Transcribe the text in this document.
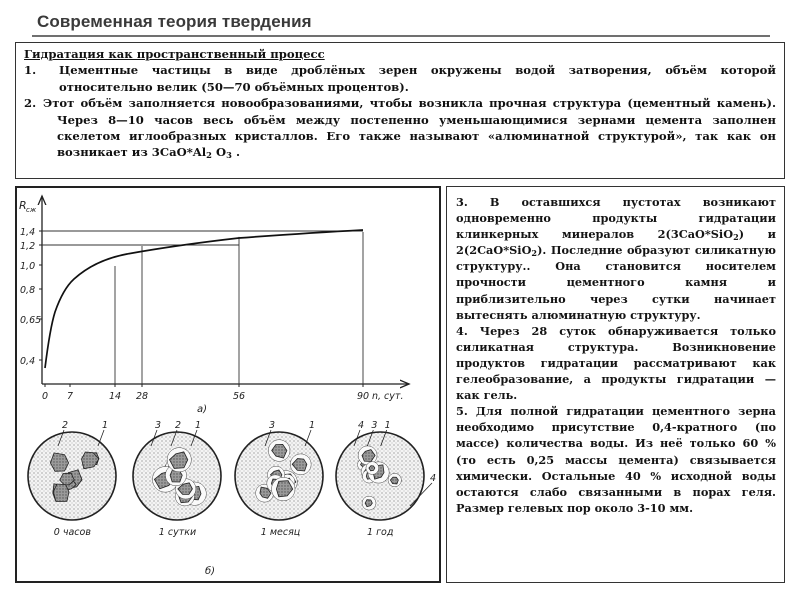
Современная теория твердения
Гидратация как пространственный процесс
1.	Цементные частицы в виде дроблёных зерен окружены водой затворения, объём которой относительно велик (50—70 объёмных процентов).
2. Этот объём заполняется новообразованиями, чтобы возникла прочная структура (цементный камень). Через 8—10 часов весь объём между постепенно уменьшающимися зернами цемента заполнен скелетом иглообразных кристаллов. Его также называют «алюминатной структурой», так как он возникает из $3CaO*Al_2$ $O_3$ .
R сж
0,4
0,65
0,8
1,0
1,2
1,4
0 7	14 28	56	90 n, сут.
а)
0 часов
2	1
1 сутки
3 2 1
1 месяц
3	1
1 год
4 3 1
4
б)

3. В оставшихся пустотах возникают одновременно продукты гидратации клинкерных минералов 2(3CaO*SiO$_2$) и 2(2CaO*SiO$_2$). Последние образуют силикатную структуру.. Она становится носителем прочности цементного камня и приблизительно через сутки начинает вытеснять алюминатную структуру.

4. Через 28 суток обнаруживается только силикатная структура. Возникновение продуктов гидратации рассматривают как гелеобразование, а продукты гидратации — как гель.

5. Для полной гидратации цементного зерна необходимо присутствие 0,4-кратного (по массе) количества воды. Из неё только 60 % (то есть 0,25 массы цемента) связывается химически. Остальные 40 % исходной воды остаются слабо связанными в порах геля. Размер гелевых пор около 3-10 мм.
